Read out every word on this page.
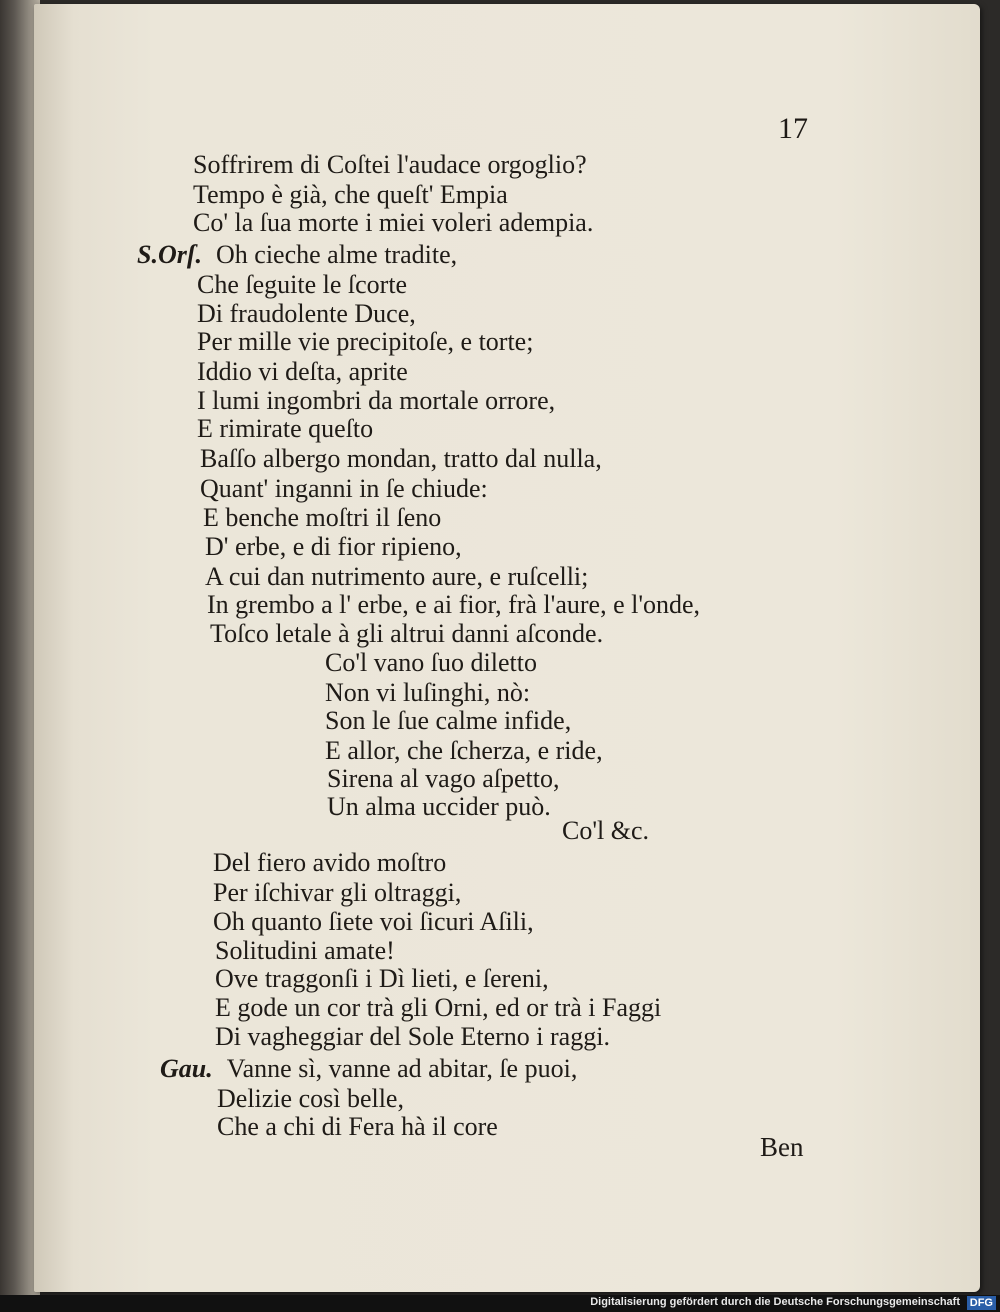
17
Soffrirem di Coſtei l'audace orgoglio?
Tempo è già, che queſt' Empia
Co' la ſua morte i miei voleri adempia.
S.Orſ. Oh cieche alme tradite,
Che ſeguite le ſcorte
Di fraudolente Duce,
Per mille vie precipitoſe, e torte;
Iddio vi deſta, aprite
I lumi ingombri da mortale orrore,
E rimirate queſto
Baſſo albergo mondan, tratto dal nulla,
Quant' inganni in ſe chiude:
E benche moſtri il ſeno
D' erbe, e di fior ripieno,
A cui dan nutrimento aure, e ruſcelli;
In grembo a l' erbe, e ai fior, frà l'aure, e l'onde,
Toſco letale à gli altrui danni aſconde.
Co'l vano ſuo diletto
Non vi luſinghi, nò:
Son le ſue calme infide,
E allor, che ſcherza, e ride,
Sirena al vago aſpetto,
Un alma uccider può.
Co'l &c.
Del fiero avido moſtro
Per iſchivar gli oltraggi,
Oh quanto ſiete voi ſicuri Aſili,
Solitudini amate!
Ove traggonſi i Dì lieti, e ſereni,
E gode un cor trà gli Orni, ed or trà i Faggi
Di vagheggiar del Sole Eterno i raggi.
Gau. Vanne sì, vanne ad abitar, ſe puoi,
Delizie così belle,
Che a chi di Fera hà il core
Ben
Digitalisierung gefördert durch die Deutsche Forschungsgemeinschaft DFG
